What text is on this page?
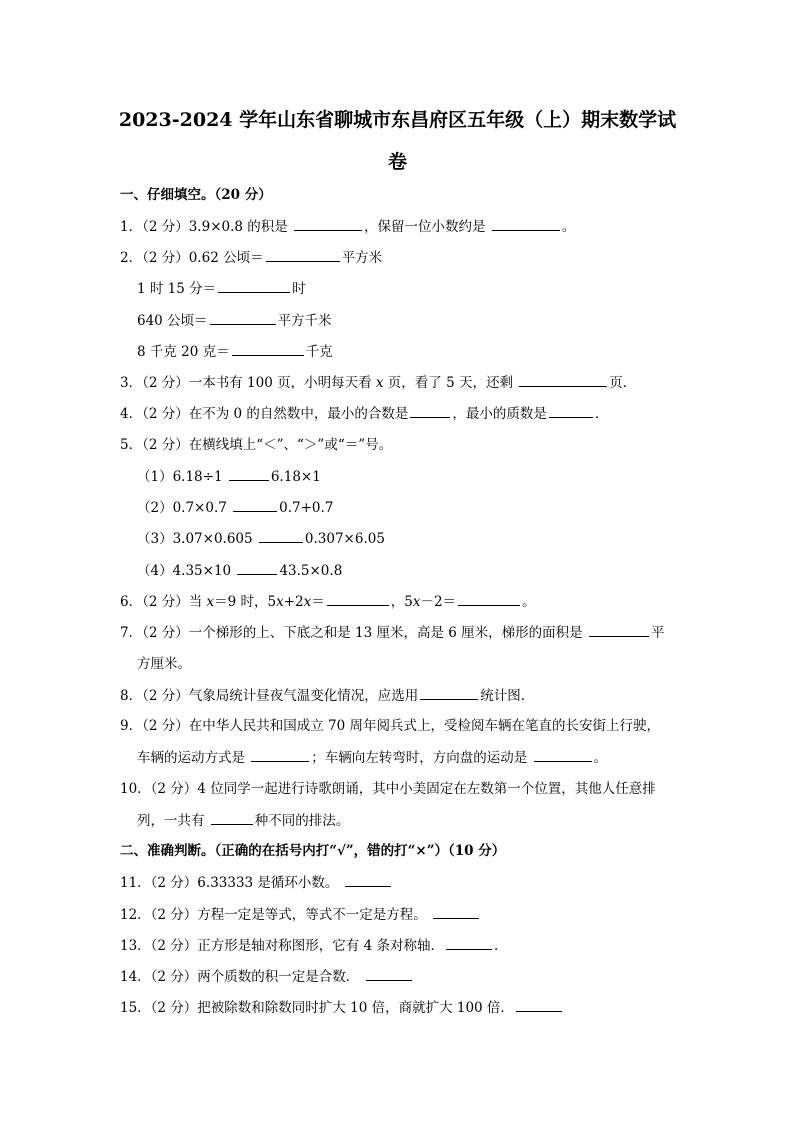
2023-2024 学年山东省聊城市东昌府区五年级（上）期末数学试
卷
一、仔细填空。（20 分）
1．（2 分）3.9×0.8 的积是	，保留一位小数约是	。
2．（2 分）0.62 公顷＝	平方米
1 时 15 分＝	时
640 公顷＝	平方千米
8 千克 20 克＝	千克
3．（2 分）一本书有 100 页，小明每天看 x 页，看了 5 天，还剩	页．
4．（2 分）在不为 0 的自然数中，最小的合数是	，最小的质数是	．
5．（2 分）在横线填上“＜”、“＞”或“＝”号。
（1）6.18÷1	6.18×1
（2）0.7×0.7	0.7+0.7
（3）3.07×0.605	0.307×6.05
（4）4.35×10	43.5×0.8
6．（2 分）当 x＝9 时，5x+2x＝	，5x－2＝	。
7．（2 分）一个梯形的上、下底之和是 13 厘米，高是 6 厘米，梯形的面积是	平
方厘米。
8．（2 分）气象局统计昼夜气温变化情况，应选用	统计图．
9．（2 分）在中华人民共和国成立 70 周年阅兵式上，受检阅车辆在笔直的长安街上行驶，
车辆的运动方式是	；车辆向左转弯时，方向盘的运动是	。
10．（2 分）4 位同学一起进行诗歌朗诵，其中小美固定在左数第一个位置，其他人任意排
列，一共有	种不同的排法。
二、准确判断。（正确的在括号内打“√”，错的打“×”）（10 分）
11．（2 分）6.33333 是循环小数。
12．（2 分）方程一定是等式，等式不一定是方程。
13．（2 分）正方形是轴对称图形，它有 4 条对称轴．	．
14．（2 分）两个质数的积一定是合数．
15．（2 分）把被除数和除数同时扩大 10 倍，商就扩大 100 倍．
